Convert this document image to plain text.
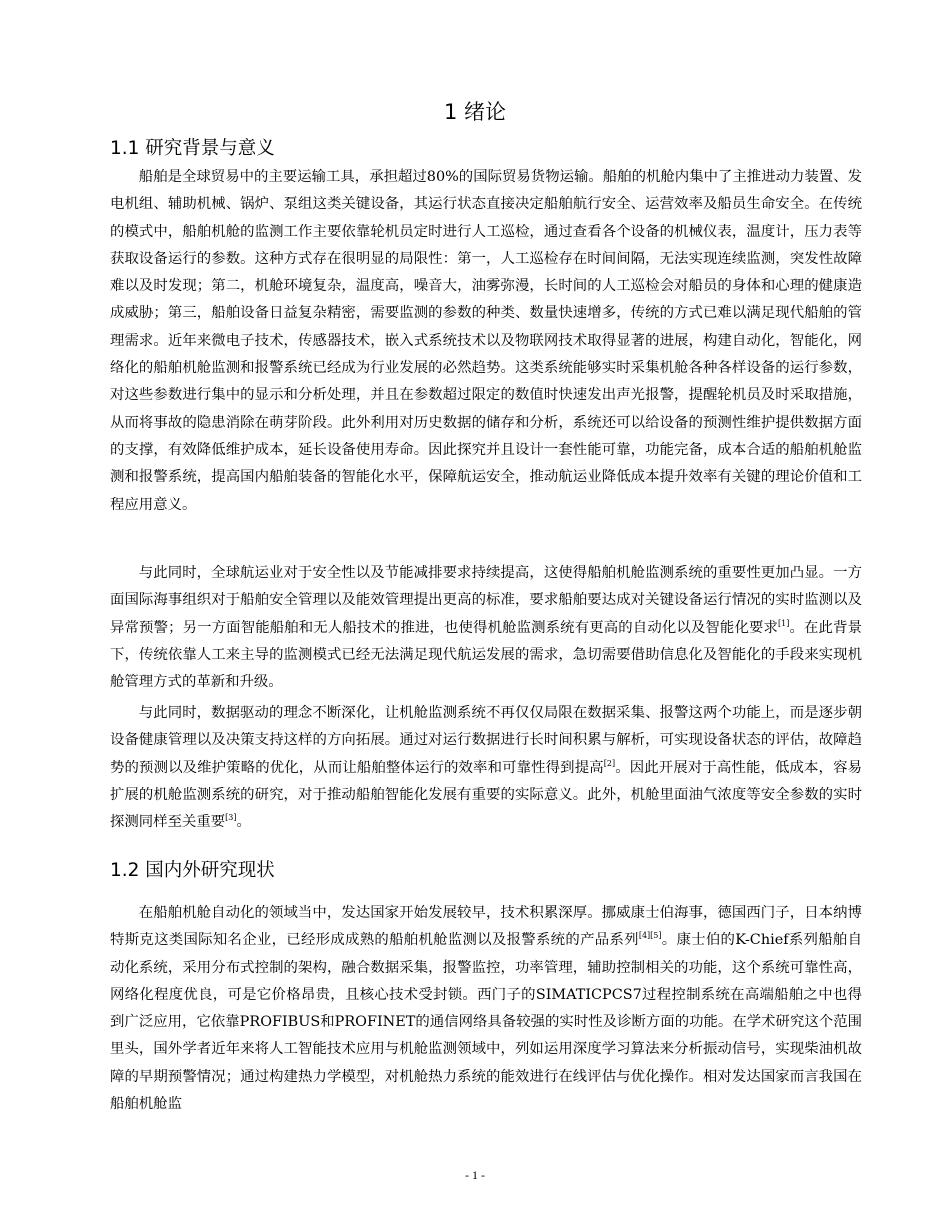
1 绪论
1.1 研究背景与意义

船舶是全球贸易中的主要运输工具，承担超过80%的国际贸易货物运输。船舶的机舱内集中了主推进动力装置、发电机组、辅助机械、锅炉、泵组这类关键设备，其运行状态直接决定船舶航行安全、运营效率及船员生命安全。在传统的模式中，船舶机舱的监测工作主要依靠轮机员定时进行人工巡检，通过查看各个设备的机械仪表，温度计，压力表等获取设备运行的参数。这种方式存在很明显的局限性：第一，人工巡检存在时间间隔，无法实现连续监测，突发性故障难以及时发现；第二，机舱环境复杂，温度高，噪音大，油雾弥漫，长时间的人工巡检会对船员的身体和心理的健康造成威胁；第三，船舶设备日益复杂精密，需要监测的参数的种类、数量快速增多，传统的方式已难以满足现代船舶的管理需求。近年来微电子技术，传感器技术，嵌入式系统技术以及物联网技术取得显著的进展，构建自动化，智能化，网络化的船舶机舱监测和报警系统已经成为行业发展的必然趋势。这类系统能够实时采集机舱各种各样设备的运行参数，对这些参数进行集中的显示和分析处理，并且在参数超过限定的数值时快速发出声光报警，提醒轮机员及时采取措施，从而将事故的隐患消除在萌芽阶段。此外利用对历史数据的储存和分析，系统还可以给设备的预测性维护提供数据方面的支撑，有效降低维护成本，延长设备使用寿命。因此探究并且设计一套性能可靠，功能完备，成本合适的船舶机舱监测和报警系统，提高国内船舶装备的智能化水平，保障航运安全，推动航运业降低成本提升效率有关键的理论价值和工程应用意义。

与此同时，全球航运业对于安全性以及节能减排要求持续提高，这使得船舶机舱监测系统的重要性更加凸显。一方面国际海事组织对于船舶安全管理以及能效管理提出更高的标准，要求船舶要达成对关键设备运行情况的实时监测以及异常预警；另一方面智能船舶和无人船技术的推进，也使得机舱监测系统有更高的自动化以及智能化要求[1]。在此背景下，传统依靠人工来主导的监测模式已经无法满足现代航运发展的需求，急切需要借助信息化及智能化的手段来实现机舱管理方式的革新和升级。

与此同时，数据驱动的理念不断深化，让机舱监测系统不再仅仅局限在数据采集、报警这两个功能上，而是逐步朝设备健康管理以及决策支持这样的方向拓展。通过对运行数据进行长时间积累与解析，可实现设备状态的评估，故障趋势的预测以及维护策略的优化，从而让船舶整体运行的效率和可靠性得到提高[2]。因此开展对于高性能，低成本，容易扩展的机舱监测系统的研究，对于推动船舶智能化发展有重要的实际意义。此外，机舱里面油气浓度等安全参数的实时探测同样至关重要[3]。

1.2 国内外研究现状

在船舶机舱自动化的领域当中，发达国家开始发展较早，技术积累深厚。挪威康士伯海事，德国西门子，日本纳博特斯克这类国际知名企业，已经形成成熟的船舶机舱监测以及报警系统的产品系列[4][5]。康士伯的K-Chief系列船舶自动化系统，采用分布式控制的架构，融合数据采集，报警监控，功率管理，辅助控制相关的功能，这个系统可靠性高，网络化程度优良，可是它价格昂贵，且核心技术受封锁。西门子的SIMATICPCS7过程控制系统在高端船舶之中也得到广泛应用，它依靠PROFIBUS和PROFINET的通信网络具备较强的实时性及诊断方面的功能。在学术研究这个范围里头，国外学者近年来将人工智能技术应用与机舱监测领域中，列如运用深度学习算法来分析振动信号，实现柴油机故障的早期预警情况；通过构建热力学模型，对机舱热力系统的能效进行在线评估与优化操作。相对发达国家而言我国在船舶机舱监

- 1 -
